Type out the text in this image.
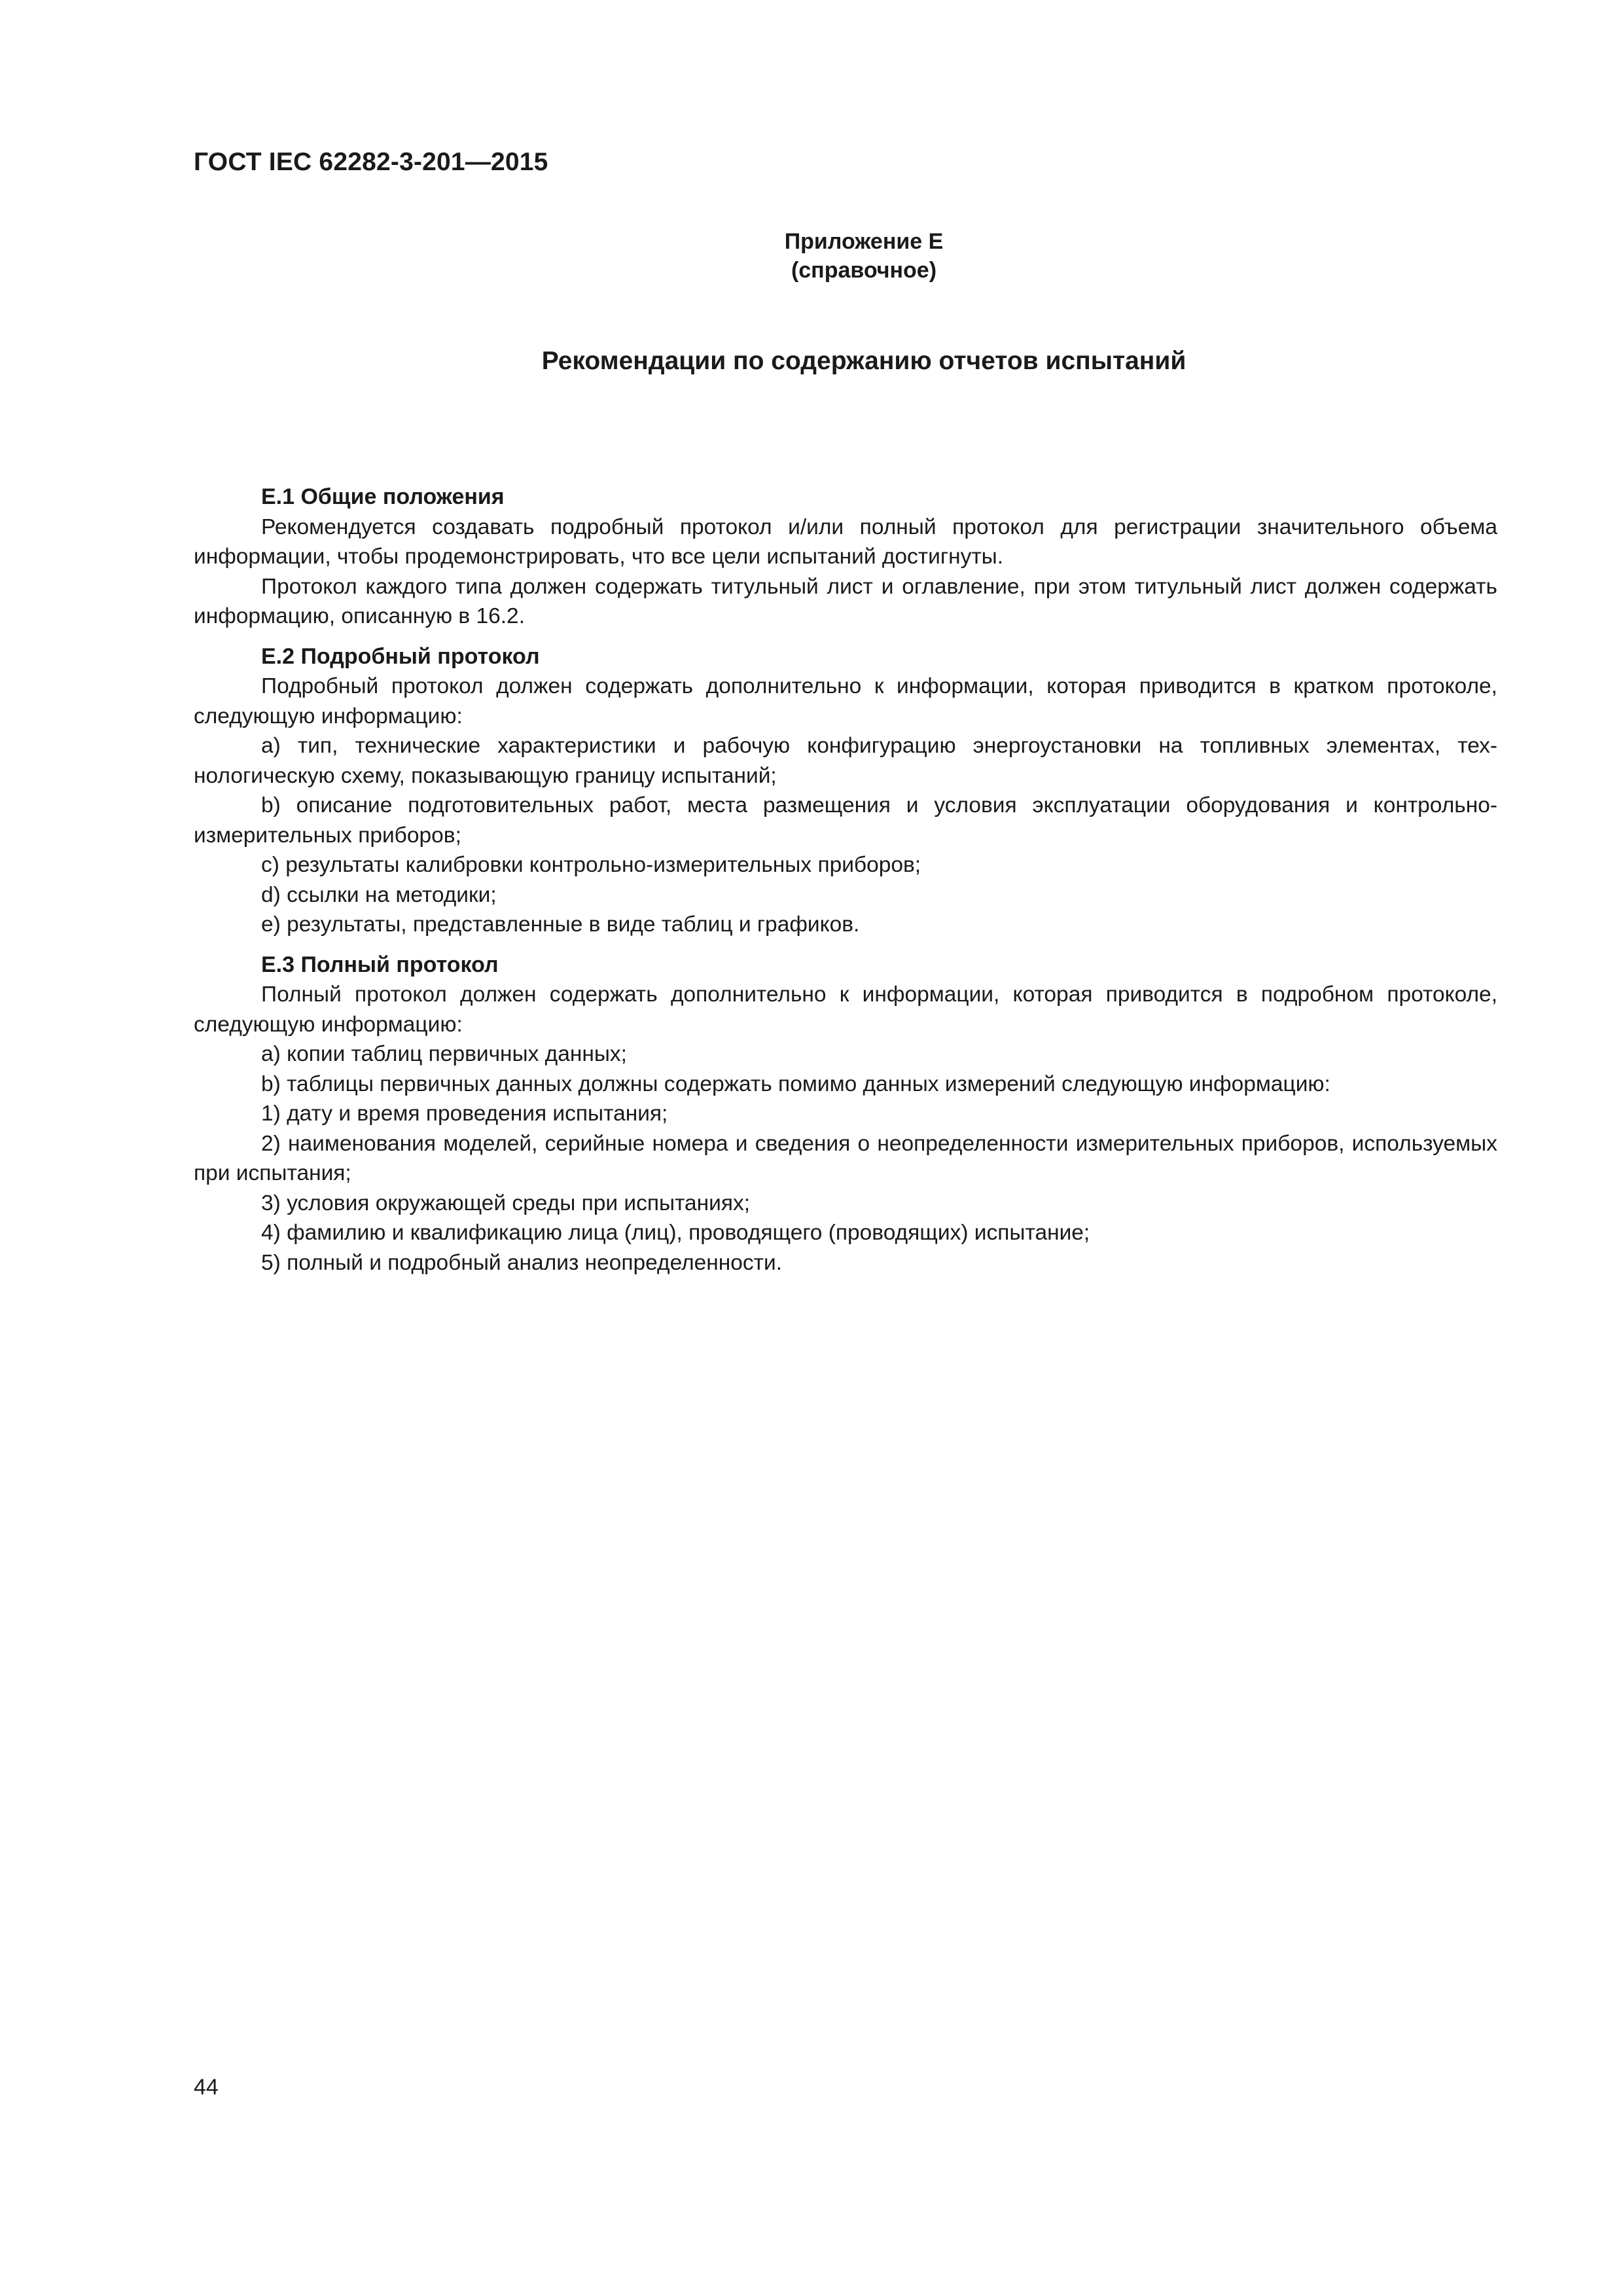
ГОСТ IEC 62282-3-201—2015
Приложение Е
(справочное)
Рекомендации по содержанию отчетов испытаний

Е.1 Общие положения

Рекомендуется создавать подробный протокол и/или полный протокол для регистрации значительного объема информации, чтобы продемонстрировать, что все цели испытаний достигнуты.

Протокол каждого типа должен содержать титульный лист и оглавление, при этом титульный лист должен содержать информацию, описанную в 16.2.

Е.2 Подробный протокол

Подробный протокол должен содержать дополнительно к информации, которая приводится в кратком протоколе, следующую информацию:

a) тип, технические характеристики и рабочую конфигурацию энергоустановки на топливных элементах, технологическую схему, показывающую границу испытаний;

b) описание подготовительных работ, места размещения и условия эксплуатации оборудования и контрольно-измерительных приборов;

c) результаты калибровки контрольно-измерительных приборов;

d) ссылки на методики;

e) результаты, представленные в виде таблиц и графиков.

Е.3 Полный протокол

Полный протокол должен содержать дополнительно к информации, которая приводится в подробном протоколе, следующую информацию:

a) копии таблиц первичных данных;

b) таблицы первичных данных должны содержать помимо данных измерений следующую информацию:

1) дату и время проведения испытания;

2) наименования моделей, серийные номера и сведения о неопределенности измерительных приборов, используемых при испытания;

3) условия окружающей среды при испытаниях;

4) фамилию и квалификацию лица (лиц), проводящего (проводящих) испытание;

5) полный и подробный анализ неопределенности.

44
